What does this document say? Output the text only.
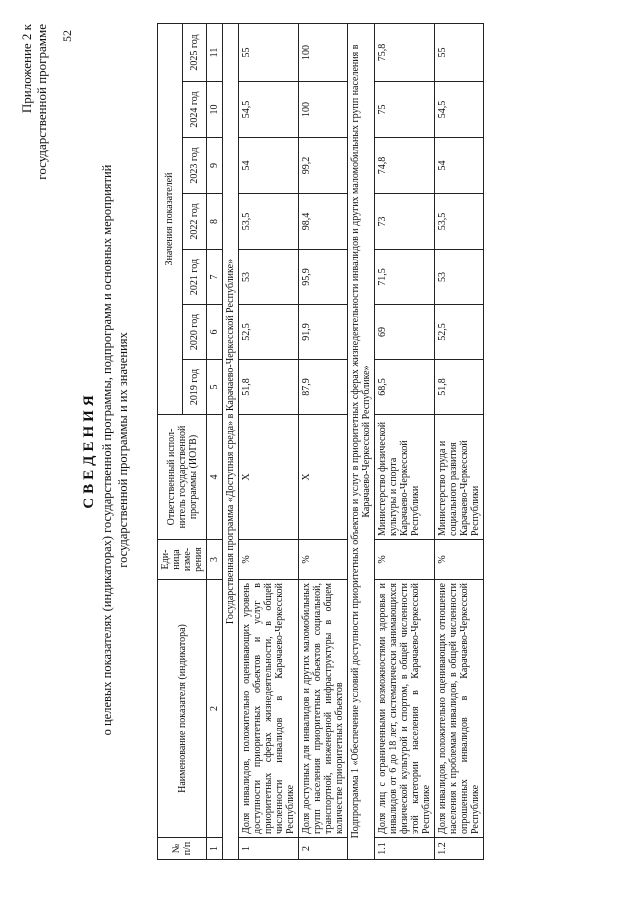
52
Приложение 2 к государственной программе
СВЕДЕНИЯ о целевых показателях (индикаторах) государственной программы, подпрограмм и основных мероприятий государственной программы и их значениях
№ п/п	Наименование показателя (индикатора)	Еди-ница изме-рения	Ответственный испол-нитель государственной программы (ИОГВ)	Значения показателей						
				2019 год	2020 год	2021 год	2022 год	2023 год	2024 год	2025 год
1	2	3	4	5	6	7	8	9	10	11
Государственная программа «Доступная среда» в Карачаево-Черкесской Республике»										
1	Доля инвалидов, положительно оценивающих уровень доступности приоритетных объектов и услуг в приоритетных сферах жизнедеятельности, в общей численности инвалидов в Карачаево-Черкесской Республике	%	Х	51,8	52,5	53	53,5	54	54,5	55
2	Доля доступных для инвалидов и других маломобильных групп населения приоритетных объектов социальной, транспортной, инженерной инфраструктуры в общем количестве приоритетных объектов	%	Х	87,9	91,9	95,9	98,4	99,2	100	100
Подпрограмма 1 «Обеспечение условий доступности приоритетных объектов и услуг в приоритетных сферах жизнедеятельности инвалидов и других маломобильных групп населения в Карачаево-Черкесской Республике»										
1.1	Доля лиц с ограниченными возможностями здоровья и инвалидов от 6 до 18 лет, систематически занимающихся физической культурой и спортом, в общей численности этой категории населения в Карачаево-Черкесской Республике	%	Министерство физической культуры и спорта Карачаево-Черкесской Республики	68,5	69	71,5	73	74,8	75	75,8
1.2	Доля инвалидов, положительно оценивающих отношение населения к проблемам инвалидов, в общей численности опрошенных инвалидов в Карачаево-Черкесской Республике	%	Министерство труда и социального развития Карачаево-Черкесской Республики	51,8	52,5	53	53,5	54	54,5	55
